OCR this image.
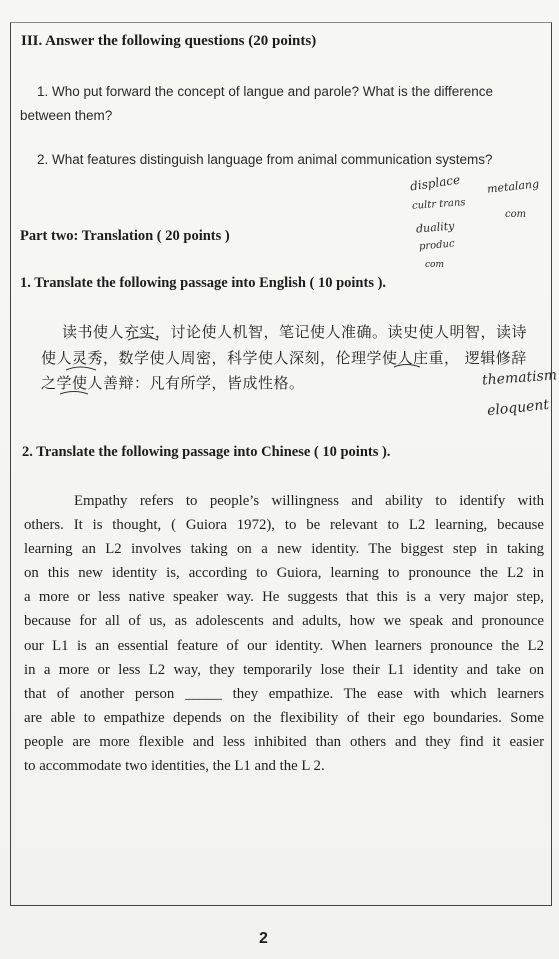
III. Answer the following questions (20 points)
1. Who put forward the concept of langue and parole? What is the difference
between them?
2. What features distinguish language from animal communication systems?
displace metalang
cultr trans
com
duality
produc
com
Part two: Translation ( 20 points )
1. Translate the following passage into English ( 10 points ).
读书使人充实，讨论使人机智，笔记使人准确。读史使人明智，读诗
使人灵秀，数学使人周密，科学使人深刻，伦理学使人庄重， 逻辑修辞
之学使人善辩：凡有所学，皆成性格。	thematism
eloquent
2. Translate the following passage into Chinese ( 10 points ).
Empathy refers to people’s willingness and ability to identify with
others. It is thought, ( Guiora 1972), to be relevant to L2 learning, because
learning an L2 involves taking on a new identity. The biggest step in taking
on this new identity is, according to Guiora, learning to pronounce the L2 in
a more or less native speaker way. He suggests that this is a very major step,
because for all of us, as adolescents and adults, how we speak and pronounce
our L1 is an essential feature of our identity. When learners pronounce the L2
in a more or less L2 way, they temporarily lose their L1 identity and take on
that of another person _____ they empathize. The ease with which learners
are able to empathize depends on the flexibility of their ego boundaries. Some
people are more flexible and less inhibited than others and they find it easier
to accommodate two identities, the L1 and the L 2.
2
